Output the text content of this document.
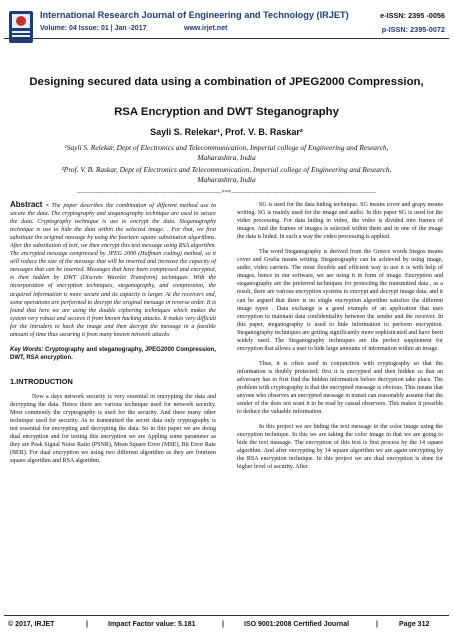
International Research Journal of Engineering and Technology (IRJET)
Volume: 04 Issue: 01 | Jan -2017	www.irjet.net
e-ISSN: 2395 -0056
p-ISSN: 2395-0072
Designing secured data using a combination of JPEG2000 Compression,
RSA Encryption and DWT Steganography
Sayli S. Relekar¹, Prof. V. B. Raskar²
¹Sayli S. Relekar, Dept of Electronics and Telecommunication, Imperial college of Engineering and Research,
Maharashtra, India
²Prof. V. B. Raskar, Dept of Electronics and Telecommunication, Imperial college of Engineering and Research,
Maharashtra, India
---------------------------------------------------------------------***---------------------------------------------------------------------

Abstract - The paper describes the combination of different method use to secure the data. The cryptography and steganography technique are used to secure the data. Cryptography technique is use to encrypt the data. Steganography technique is use to hide the data within the selected image. . For that, we first substitute the original message by using the fourteen square substitution algorithms. After the substitution of text, we then encrypt this text message using RSA algorithm. The encrypted message compressed by JPEG 2000 (Huffman coding) method, so it will reduce the size of the message that will be inserted and increase the capacity of messages that can be inserted. Messages that have been compressed and encrypted, is then hidden by DWT (Discrete Wavelet Transform) techniques. With the incorporation of encryption techniques, steganography, and compression, the acquired information is more secure and its capacity is larger. At the receivers end, some operations are performed to decrypt the original message in reverse order. It is found that here we are using the double ciphering techniques which makes the system very robust and secures it from known hacking attacks. It makes very difficult for the intruders to hack the image and then decrypt the message in a feasible amount of time thus securing it from many known network attacks

Key Words: Cryptography and steganography, JPEG2000 Compression, DWT, RSA encryption.

1.INTRODUCTION

Now a days network security is very essential in encrypting the data and decrypting the data. Hence there are various technique used for network security. Most commonly the cryptography is used for the security. And there many other technique used for security. As to transmitted the secret data only cryptography is not essential for encrypting and decrypting the data. So in this paper we are doing dual encryption and for testing this encryption we are Appling some parameter as they are Peak Signal Noise Ratio (PSNR), Mean Square Error (MSE), Bit Error Rate (BER). For dual encryption we using two different algorithm as they are fourteen square algorithm and RSA algorithm.

SG is used for the data hiding technique. SG means cover and grapy means writing. SG is mainly used for the image and audio. In this paper SG is used for the video processing. For data hiding in video, the video is divided into frames of images. And the frames of images is selected within them and in one of the image the data is hided. In such a way the video processing is applied.

The word Steganography is derived from the Greece words Stegos means cover and Grafia means writing. Steganography can be achieved by using image, audio, video carriers. The most flexible and efficient way to use it is with help of images, hence in our software, we are using it in form of image. Encryption and steganography are the preferred techniques for protecting the transmitted data , as a result, there are various encryption systems to encrypt and decrypt image data, and it can be argued that there is no single encryption algorithm satisfies the different image types . Data exchange is a good example of an application that uses encryption to maintain data confidentiality between the sender and the receiver. In this paper, steganography is used to hide information to perform encryption. Steganography techniques are getting significantly more sophisticated and have been widely used. The Steganography techniques are the perfect supplement for encryption that allows a user to hide large amounts of information within an image.

Thus, it is often used in conjunction with cryptography so that the information is doubly protected; first it is encrypted and then hidden so that an adversary has to first find the hidden information before decryption take place. The problem with cryptography is that the encrypted message is obvious. This means that anyone who observes an encrypted message in transit can reasonably assume that the sender of the does not want it to be read by casual observers. This makes it possible to deduce the valuable information.

In this project we are hiding the text message in the color image using the encryption technique. In this we are taking the color image in that we are going to hide the text massage. The encryption of this text is first process by the 14 square algorithm. And after encrypting by 14 square algorithm we are again encrypting by the RSA encryption technique. In this project we are dual encryption is done for higher level of security. After

© 2017, IRJET	|	Impact Factor value: 5.181	|	ISO 9001:2008 Certified Journal	|	Page 312
